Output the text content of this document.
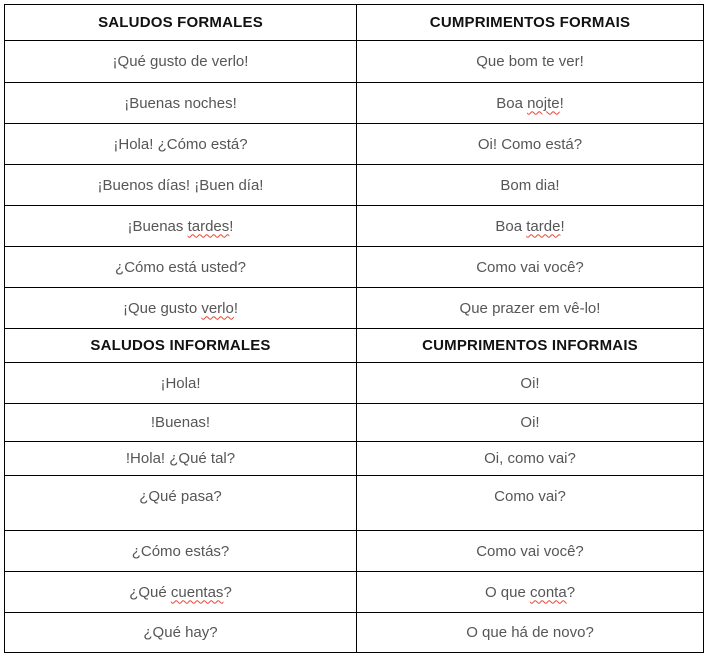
SALUDOS FORMALES	CUMPRIMENTOS FORMAIS
¡Qué gusto de verlo!	Que bom te ver!
¡Buenas noches!	Boa nojte!
¡Hola! ¿Cómo está?	Oi! Como está?
¡Buenos días! ¡Buen día!	Bom dia!
¡Buenas tardes!	Boa tarde!
¿Cómo está usted?	Como vai você?
¡Que gusto verlo!	Que prazer em vê-lo!
SALUDOS INFORMALES	CUMPRIMENTOS INFORMAIS
¡Hola!	Oi!
!Buenas!	Oi!
!Hola! ¿Qué tal?	Oi, como vai?
¿Qué pasa?	Como vai?
¿Cómo estás?	Como vai você?
¿Qué cuentas?	O que conta?
¿Qué hay?	O que há de novo?
